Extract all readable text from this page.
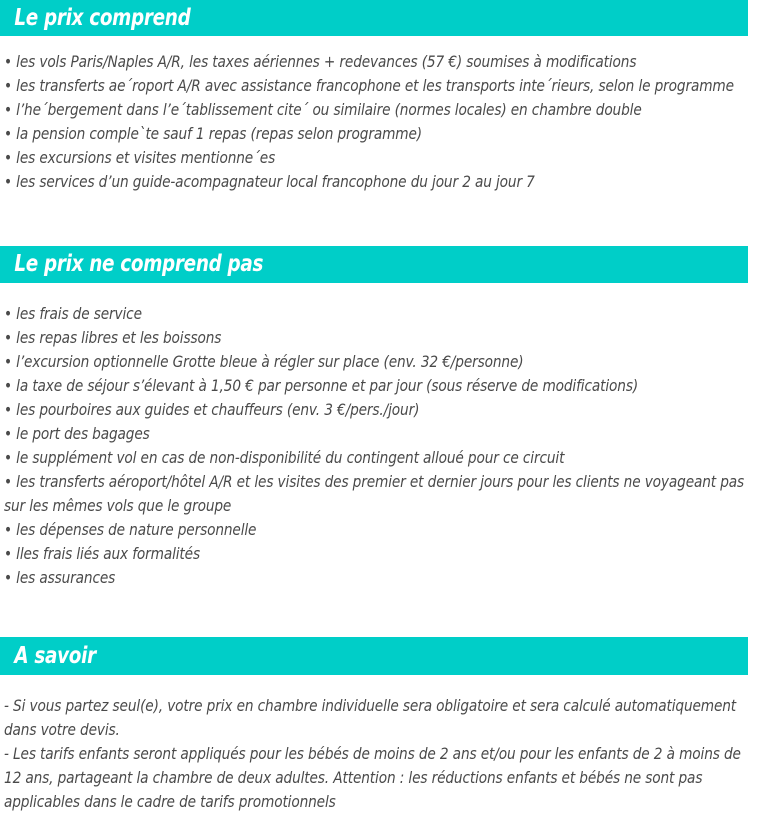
Le prix comprend
• les vols Paris/Naples A/R, les taxes aériennes + redevances (57 €) soumises à modifications
• les transferts ae´roport A/R avec assistance francophone et les transports inte´rieurs, selon le programme
• l’he´bergement dans l’e´tablissement cite´ ou similaire (normes locales) en chambre double
• la pension comple`te sauf 1 repas (repas selon programme)
• les excursions et visites mentionne´es
• les services d’un guide-acompagnateur local francophone du jour 2 au jour 7
Le prix ne comprend pas
• les frais de service
• les repas libres et les boissons
• l’excursion optionnelle Grotte bleue à régler sur place (env. 32 €/personne)
• la taxe de séjour s’élevant à 1,50 € par personne et par jour (sous réserve de modifications)
• les pourboires aux guides et chauffeurs (env. 3 €/pers./jour)
• le port des bagages
• le supplément vol en cas de non-disponibilité du contingent alloué pour ce circuit
• les transferts aéroport/hôtel A/R et les visites des premier et dernier jours pour les clients ne voyageant pas sur les mêmes vols que le groupe
• les dépenses de nature personnelle
• lles frais liés aux formalités
• les assurances
A savoir
- Si vous partez seul(e), votre prix en chambre individuelle sera obligatoire et sera calculé automatiquement dans votre devis.
- Les tarifs enfants seront appliqués pour les bébés de moins de 2 ans et/ou pour les enfants de 2 à moins de 12 ans, partageant la chambre de deux adultes. Attention : les réductions enfants et bébés ne sont pas applicables dans le cadre de tarifs promotionnels
